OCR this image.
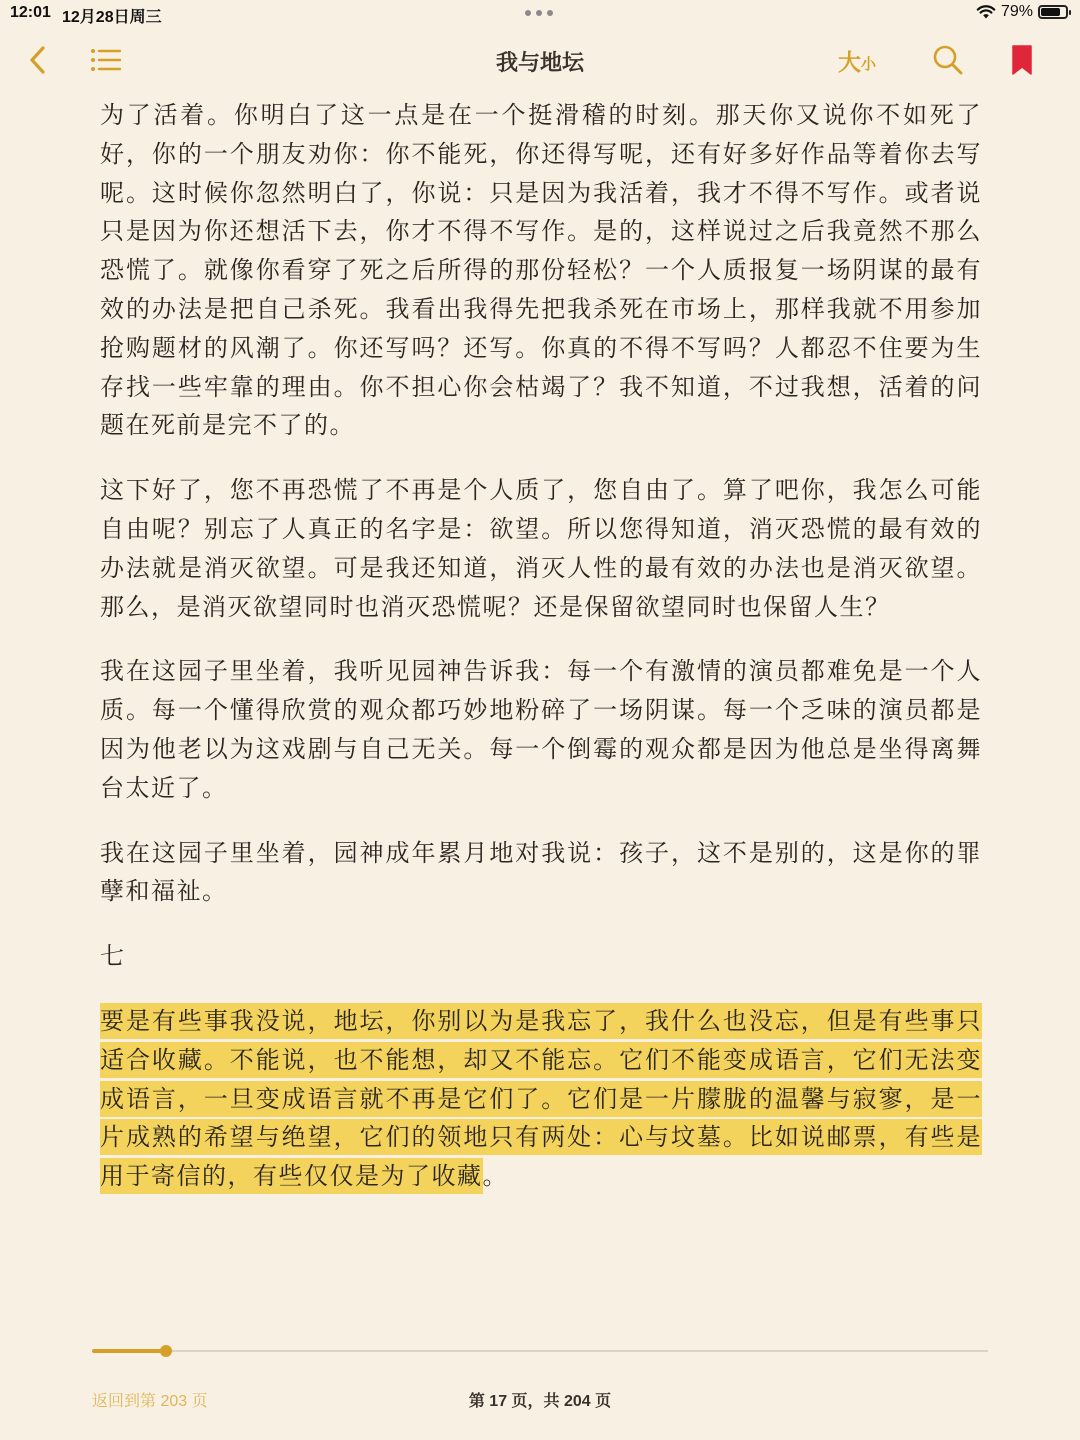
12:01 12月28日周三	79%
我与地坛	大 小

为了活着。你明白了这一点是在一个挺滑稽的时刻。那天你又说你不如死了好，你的一个朋友劝你：你不能死，你还得写呢，还有好多好作品等着你去写呢。这时候你忽然明白了，你说：只是因为我活着，我才不得不写作。或者说只是因为你还想活下去，你才不得不写作。是的，这样说过之后我竟然不那么恐慌了。就像你看穿了死之后所得的那份轻松？一个人质报复一场阴谋的最有效的办法是把自己杀死。我看出我得先把我杀死在市场上，那样我就不用参加抢购题材的风潮了。你还写吗？还写。你真的不得不写吗？人都忍不住要为生存找一些牢靠的理由。你不担心你会枯竭了？我不知道，不过我想，活着的问题在死前是完不了的。

这下好了，您不再恐慌了不再是个人质了，您自由了。算了吧你，我怎么可能自由呢？别忘了人真正的名字是：欲望。所以您得知道，消灭恐慌的最有效的办法就是消灭欲望。可是我还知道，消灭人性的最有效的办法也是消灭欲望。那么，是消灭欲望同时也消灭恐慌呢？还是保留欲望同时也保留人生？

我在这园子里坐着，我听见园神告诉我：每一个有激情的演员都难免是一个人质。每一个懂得欣赏的观众都巧妙地粉碎了一场阴谋。每一个乏味的演员都是因为他老以为这戏剧与自己无关。每一个倒霉的观众都是因为他总是坐得离舞台太近了。

我在这园子里坐着，园神成年累月地对我说：孩子，这不是别的，这是你的罪孽和福祉。

七

要是有些事我没说，地坛，你别以为是我忘了，我什么也没忘，但是有些事只适合收藏。不能说，也不能想，却又不能忘。它们不能变成语言，它们无法变成语言，一旦变成语言就不再是它们了。它们是一片朦胧的温馨与寂寥，是一片成熟的希望与绝望，它们的领地只有两处：心与坟墓。比如说邮票，有些是用于寄信的，有些仅仅是为了收藏。

返回到第 203 页	第 17 页，共 204 页
